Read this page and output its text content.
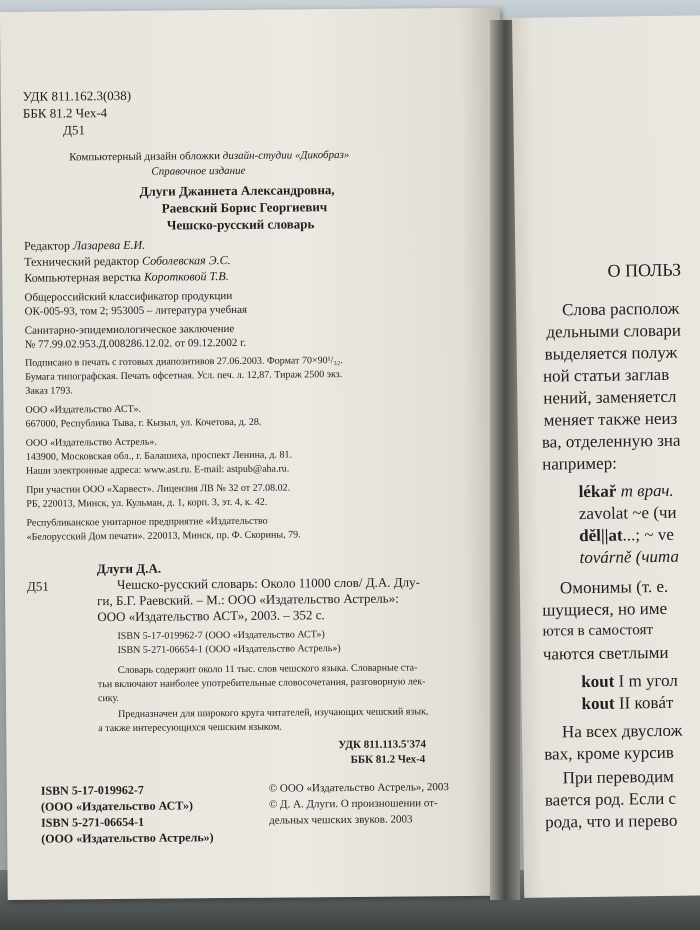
УДК 811.162.3(038)
ББК 81.2 Чех-4
Д51
Компьютерный дизайн обложки дизайн-студии «Дикобраз»
Справочное издание
Длуги Джаннета Александровна,
Раевский Борис Георгиевич
Чешско-русский словарь
Редактор Лазарева Е.И.
Технический редактор Соболевская Э.С.
Компьютерная верстка Коротковой Т.В.
Общероссийский классификатор продукции
ОК-005-93, том 2; 953005 – литература учебная
Санитарно-эпидемиологическое заключение
№ 77.99.02.953.Д.008286.12.02. от 09.12.2002 г.
Подписано в печать с готовых диапозитивов 27.06.2003. Формат 70×90¹/₃₂.
Бумага типографская. Печать офсетная. Усл. печ. л. 12,87. Тираж 2500 экз.
Заказ 1793.
ООО «Издательство АСТ».
667000, Республика Тыва, г. Кызыл, ул. Кочетова, д. 28.
ООО «Издательство Астрель».
143900, Московская обл., г. Балашиха, проспект Ленина, д. 81.
Наши электронные адреса: www.ast.ru. E-mail: astpub@aha.ru.
При участии ООО «Харвест». Лицензия ЛВ № 32 от 27.08.02.
РБ, 220013, Минск, ул. Кульман, д. 1, корп. 3, эт. 4, к. 42.
Республиканское унитарное предприятие «Издательство
«Белорусский Дом печати». 220013, Минск, пр. Ф. Скорины, 79.
Д51
Длуги Д.А.
Чешско-русский словарь: Около 11000 слов/ Д.А. Длу-
ги, Б.Г. Раевский. – М.: ООО «Издательство Астрель»:
ООО «Издательство АСТ», 2003. – 352 с.
ISBN 5-17-019962-7 (ООО «Издательство АСТ»)
ISBN 5-271-06654-1 (ООО «Издательство Астрель»)
Словарь содержит около 11 тыс. слов чешского языка. Словарные ста-
тьи включают наиболее употребительные словосочетания, разговорную лек-
сику.
Предназначен для широкого круга читателей, изучающих чешский язык,
а также интересующихся чешским языком.
УДК 811.113.5'374
ББК 81.2 Чех-4
ISBN 5-17-019962-7
(ООО «Издательство АСТ»)
ISBN 5-271-06654-1
(ООО «Издательство Астрель»)
© ООО «Издательство Астрель», 2003
© Д. А. Длуги. О произношении от-
дельных чешских звуков. 2003
О ПОЛЬЗ
Слова располож
дельными словари
выделяется полуж
ной статьи заглав
нений, заменяетсл
меняет также неиз
ва, отделенную зна
например:
lékař m врач.
zavolat ~e (чи
děl||at...; ~ ve
továrně (чита
Омонимы (т. е.
шущиеся, но име
ются в самостоят
чаются светлыми
kout I m угол
kout II ковáт
На всех двуслож
вах, кроме курсив
При переводим
вается род. Если с
рода, что и перево
